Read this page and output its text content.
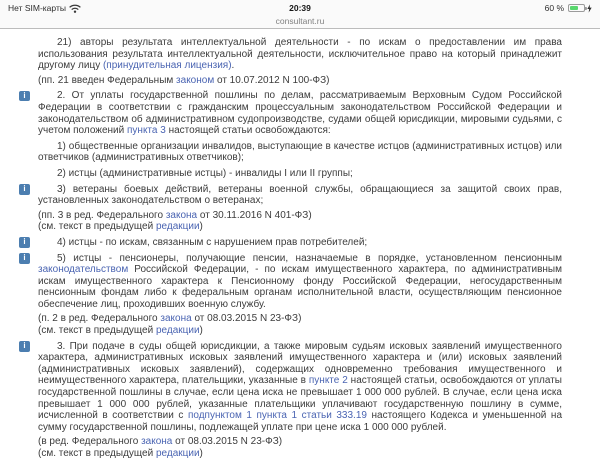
Нет SIM-карты	20:39
consultant.ru
60 %
21) авторы результата интеллектуальной деятельности - по искам о предоставлении им права использования результата интеллектуальной деятельности, исключительное право на который принадлежит другому лицу (принудительная лицензия).
(пп. 21 введен Федеральным законом от 10.07.2012 N 100-ФЗ)
i	2. От уплаты государственной пошлины по делам, рассматриваемым Верховным Судом Российской Федерации в соответствии с гражданским процессуальным законодательством Российской Федерации и законодательством об административном судопроизводстве, судами общей юрисдикции, мировыми судьями, с учетом положений пункта 3 настоящей статьи освобождаются:
1) общественные организации инвалидов, выступающие в качестве истцов (административных истцов) или ответчиков (административных ответчиков);
2) истцы (административные истцы) - инвалиды I или II группы;
i	3) ветераны боевых действий, ветераны военной службы, обращающиеся за защитой своих прав, установленных законодательством о ветеранах;
(пп. 3 в ред. Федерального закона от 30.11.2016 N 401-ФЗ)
(см. текст в предыдущей редакции)
i	4) истцы - по искам, связанным с нарушением прав потребителей;
i	5) истцы - пенсионеры, получающие пенсии, назначаемые в порядке, установленном пенсионным законодательством Российской Федерации, - по искам имущественного характера, по административным искам имущественного характера к Пенсионному фонду Российской Федерации, негосударственным пенсионным фондам либо к федеральным органам исполнительной власти, осуществляющим пенсионное обеспечение лиц, проходивших военную службу.
(п. 2 в ред. Федерального закона от 08.03.2015 N 23-ФЗ)
(см. текст в предыдущей редакции)
i	3. При подаче в суды общей юрисдикции, а также мировым судьям исковых заявлений имущественного характера, административных исковых заявлений имущественного характера и (или) исковых заявлений (административных исковых заявлений), содержащих одновременно требования имущественного и неимущественного характера, плательщики, указанные в пункте 2 настоящей статьи, освобождаются от уплаты государственной пошлины в случае, если цена иска не превышает 1 000 000 рублей. В случае, если цена иска превышает 1 000 000 рублей, указанные плательщики уплачивают государственную пошлину в сумме, исчисленной в соответствии с подпунктом 1 пункта 1 статьи 333.19 настоящего Кодекса и уменьшенной на сумму государственной пошлины, подлежащей уплате при цене иска 1 000 000 рублей.
(в ред. Федерального закона от 08.03.2015 N 23-ФЗ)
(см. текст в предыдущей редакции)
